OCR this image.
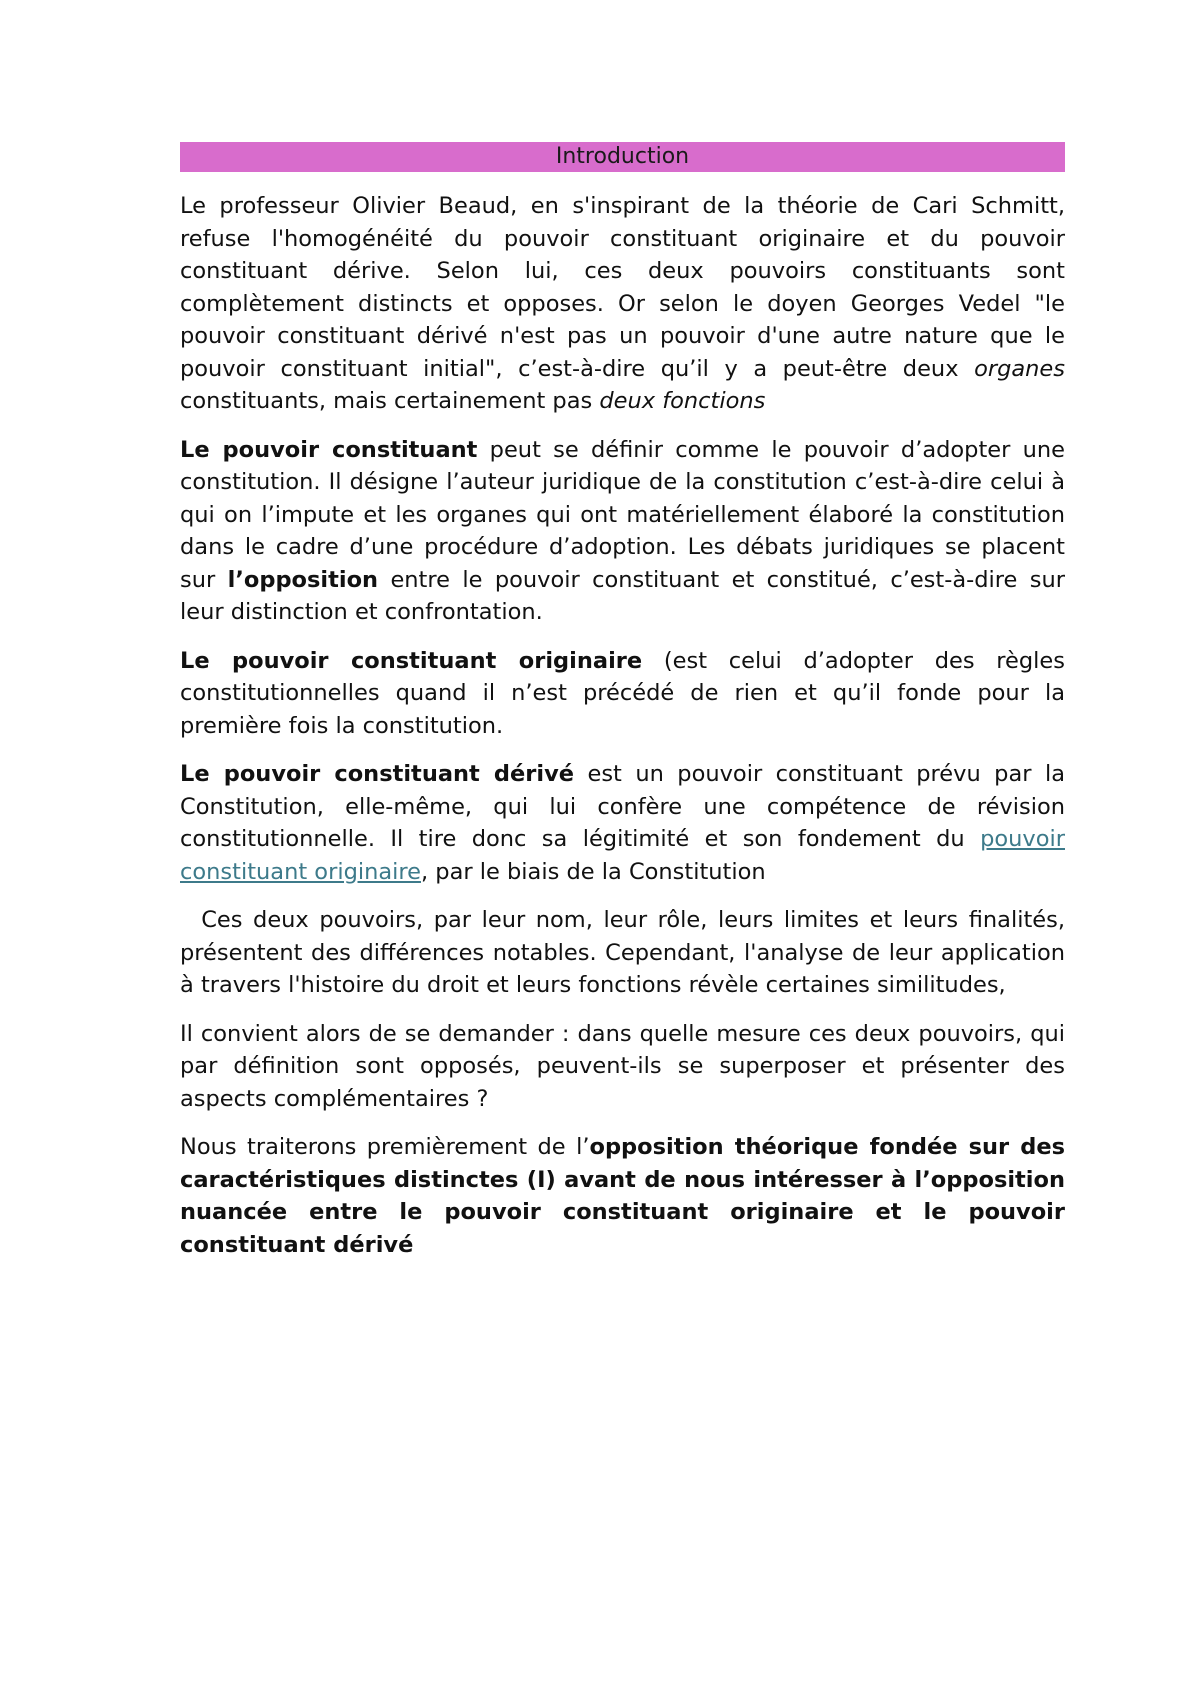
Introduction

Le professeur Olivier Beaud, en s'inspirant de la théorie de Cari Schmitt, refuse l'homogénéité du pouvoir constituant originaire et du pouvoir constituant dérive. Selon lui, ces deux pouvoirs constituants sont complètement distincts et opposes. Or selon le doyen Georges Vedel "le pouvoir constituant dérivé n'est pas un pouvoir d'une autre nature que le pouvoir constituant initial", c’est-à-dire qu’il y a peut-être deux organes constituants, mais certainement pas deux fonctions

Le pouvoir constituant peut se définir comme le pouvoir d’adopter une constitution. Il désigne l’auteur juridique de la constitution c’est-à-dire celui à qui on l’impute et les organes qui ont matériellement élaboré la constitution dans le cadre d’une procédure d’adoption. Les débats juridiques se placent sur l’opposition entre le pouvoir constituant et constitué, c’est-à-dire sur leur distinction et confrontation.

Le pouvoir constituant originaire (est celui d’adopter des règles constitutionnelles quand il n’est précédé de rien et qu’il fonde pour la première fois la constitution.

Le pouvoir constituant dérivé est un pouvoir constituant prévu par la Constitution, elle-même, qui lui confère une compétence de révision constitutionnelle. Il tire donc sa légitimité et son fondement du pouvoir constituant originaire, par le biais de la Constitution

Ces deux pouvoirs, par leur nom, leur rôle, leurs limites et leurs finalités, présentent des différences notables. Cependant, l'analyse de leur application à travers l'histoire du droit et leurs fonctions révèle certaines similitudes,

Il convient alors de se demander : dans quelle mesure ces deux pouvoirs, qui par définition sont opposés, peuvent-ils se superposer et présenter des aspects complémentaires ?

Nous traiterons premièrement de l’opposition théorique fondée sur des caractéristiques distinctes (I) avant de nous intéresser à l’opposition nuancée entre le pouvoir constituant originaire et le pouvoir constituant dérivé
